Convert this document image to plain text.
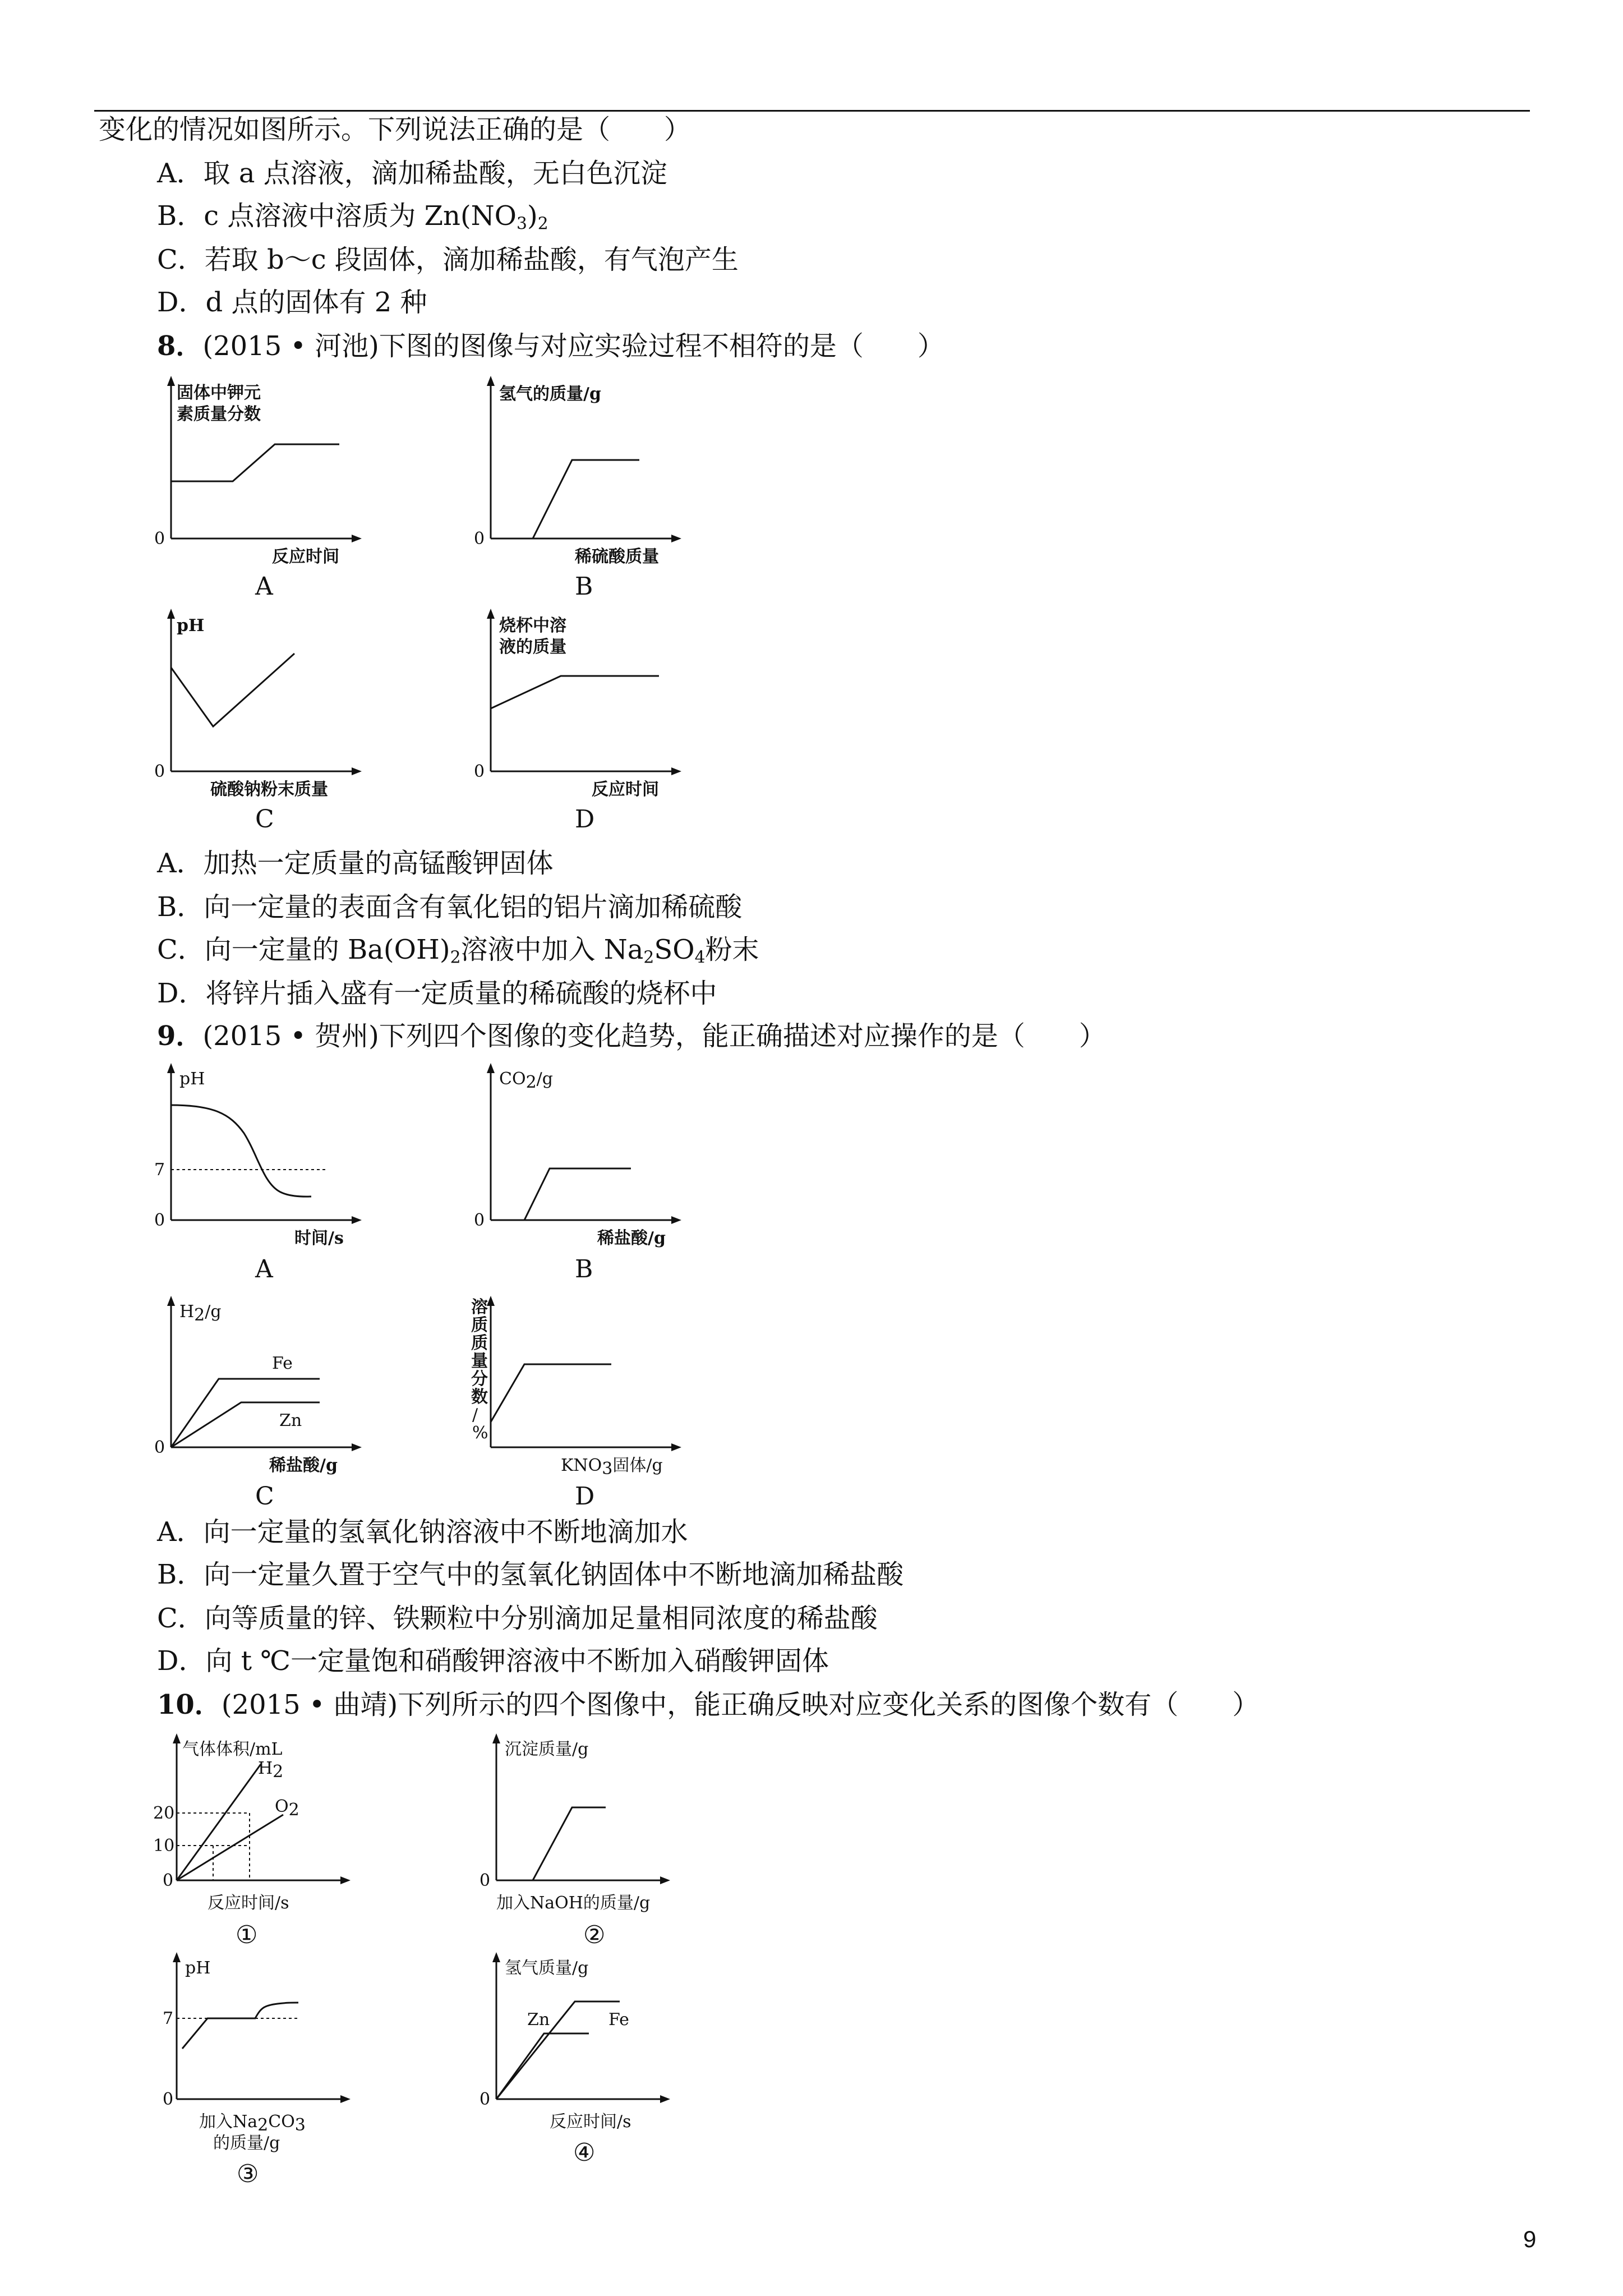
变化的情况如图所示。下列说法正确的是（　　）
A．取 a 点溶液，滴加稀盐酸，无白色沉淀
B．c 点溶液中溶质为 $Zn(NO_3)_2$
C．若取 b～c 段固体，滴加稀盐酸，有气泡产生
D．d 点的固体有 2 种
8．(2015 • 河池)下图的图像与对应实验过程不相符的是（　　）
固体中钾元
素质量分数
0
反应时间
A
氢气的质量/g
0
稀硫酸质量
B
pH
0
硫酸钠粉末质量
C
烧杯中溶
液的质量
0
反应时间
D
A．加热一定质量的高锰酸钾固体
B．向一定量的表面含有氧化铝的铝片滴加稀硫酸
C．向一定量的 $Ba(OH)_2$溶液中加入 $Na_2SO_4$粉末
D．将锌片插入盛有一定质量的稀硫酸的烧杯中
9．(2015 • 贺州)下列四个图像的变化趋势，能正确描述对应操作的是（　　）
pH
7
0
时间/s
A
CO2/g
0
稀盐酸/g
B
H2/g
Fe
Zn
0
稀盐酸/g
C
溶
质
质
量
分
数
/
%
KNO3固体/g
D
A．向一定量的氢氧化钠溶液中不断地滴加水
B．向一定量久置于空气中的氢氧化钠固体中不断地滴加稀盐酸
C．向等质量的锌、铁颗粒中分别滴加足量相同浓度的稀盐酸
D．向 t ℃一定量饱和硝酸钾溶液中不断加入硝酸钾固体
10．(2015 • 曲靖)下列所示的四个图像中，能正确反映对应变化关系的图像个数有（　　）
气体体积/mL
H2
O2
20
10
0
反应时间/s
①
沉淀质量/g
0
加入NaOH的质量/g
②
pH
7
0
加入Na2CO3
的质量/g
③
氢气质量/g
Zn	Fe
0
反应时间/s
④
9
